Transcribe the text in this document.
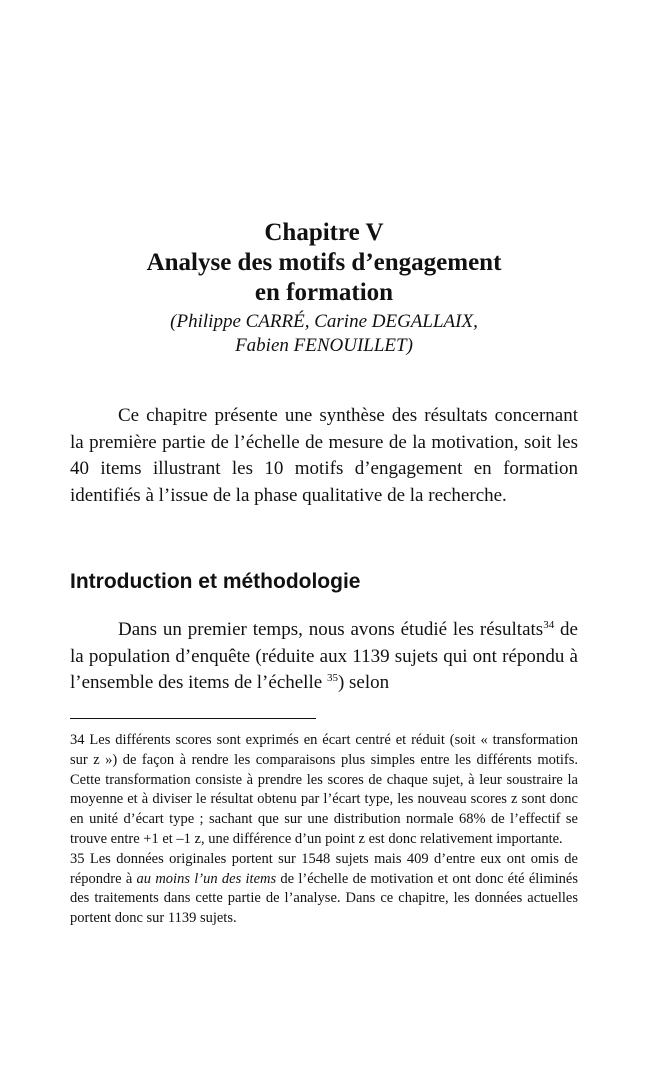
Chapitre V
Analyse des motifs d’engagement
en formation

(Philippe CARRÉ, Carine DEGALLAIX,
Fabien FENOUILLET)

Ce chapitre présente une synthèse des résultats concernant la première partie de l’échelle de mesure de la motivation, soit les 40 items illustrant les 10 motifs d’engagement en formation identifiés à l’issue de la phase qualitative de la recherche.

Introduction et méthodologie

Dans un premier temps, nous avons étudié les résultats$^{34}$ de la population d’enquête (réduite aux 1139 sujets qui ont répondu à l’ensemble des items de l’échelle $^{35}$) selon

34 Les différents scores sont exprimés en écart centré et réduit (soit « transformation sur z ») de façon à rendre les comparaisons plus simples entre les différents motifs. Cette transformation consiste à prendre les scores de chaque sujet, à leur soustraire la moyenne et à diviser le résultat obtenu par l’écart type, les nouveau scores z sont donc en unité d’écart type ; sachant que sur une distribution normale 68% de l’effectif se trouve entre +1 et –1 z, une différence d’un point z est donc relativement importante.

35 Les données originales portent sur 1548 sujets mais 409 d’entre eux ont omis de répondre à au moins l’un des items de l’échelle de motivation et ont donc été éliminés des traitements dans cette partie de l’analyse. Dans ce chapitre, les données actuelles portent donc sur 1139 sujets.
